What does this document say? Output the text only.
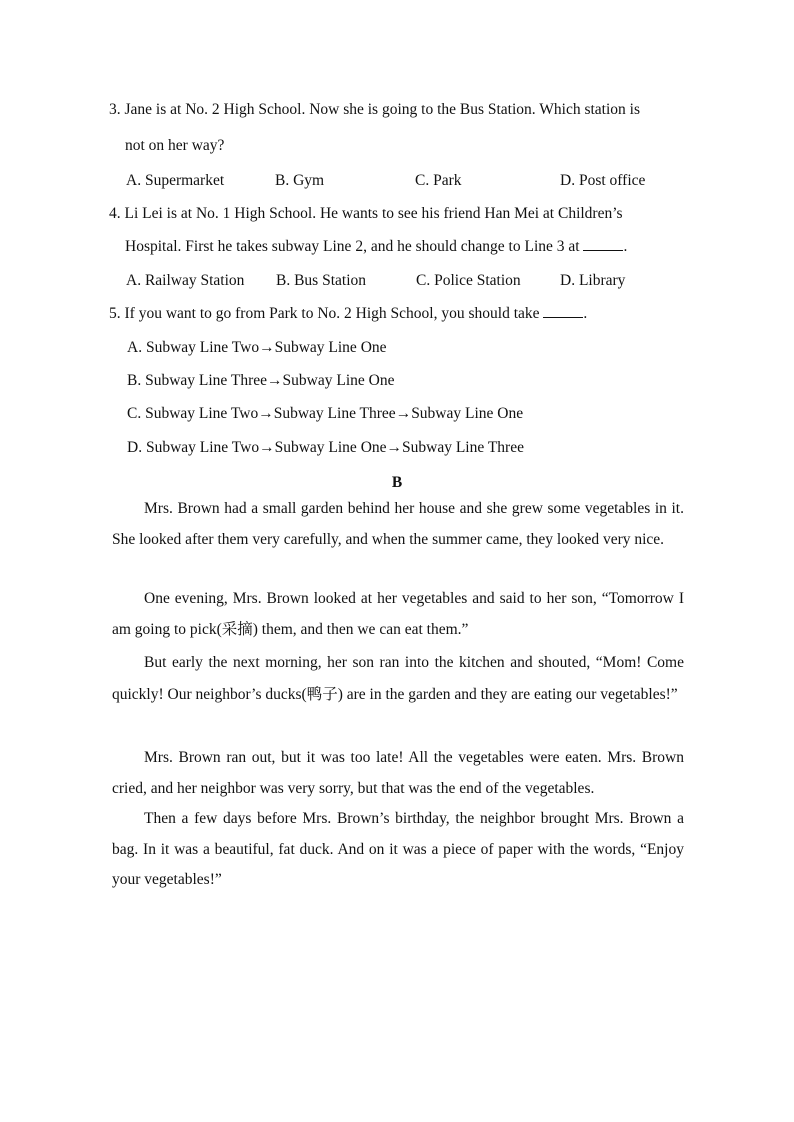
3. Jane is at No. 2 High School. Now she is going to the Bus Station. Which station is
not on her way?
A. Supermarket	B. Gym	C. Park	D. Post office
4. Li Lei is at No. 1 High School. He wants to see his friend Han Mei at Children’s
Hospital. First he takes subway Line 2, and he should change to Line 3 at	.
A. Railway Station B. Bus Station	C. Police Station	D. Library
5. If you want to go from Park to No. 2 High School, you should take	.
A. Subway Line Two→Subway Line One
B. Subway Line Three→Subway Line One
C. Subway Line Two→Subway Line Three→Subway Line One
D. Subway Line Two→Subway Line One→Subway Line Three
B

Mrs. Brown had a small garden behind her house and she grew some vegetables in it. She looked after them very carefully, and when the summer came, they looked very nice.

One evening, Mrs. Brown looked at her vegetables and said to her son, “Tomorrow I am going to pick(采摘) them, and then we can eat them.”

But early the next morning, her son ran into the kitchen and shouted, “Mom! Come quickly! Our neighbor’s ducks(鸭子) are in the garden and they are eating our vegetables!”

Mrs. Brown ran out, but it was too late! All the vegetables were eaten. Mrs. Brown cried, and her neighbor was very sorry, but that was the end of the vegetables.

Then a few days before Mrs. Brown’s birthday, the neighbor brought Mrs. Brown a bag. In it was a beautiful, fat duck. And on it was a piece of paper with the words, “Enjoy your vegetables!”
